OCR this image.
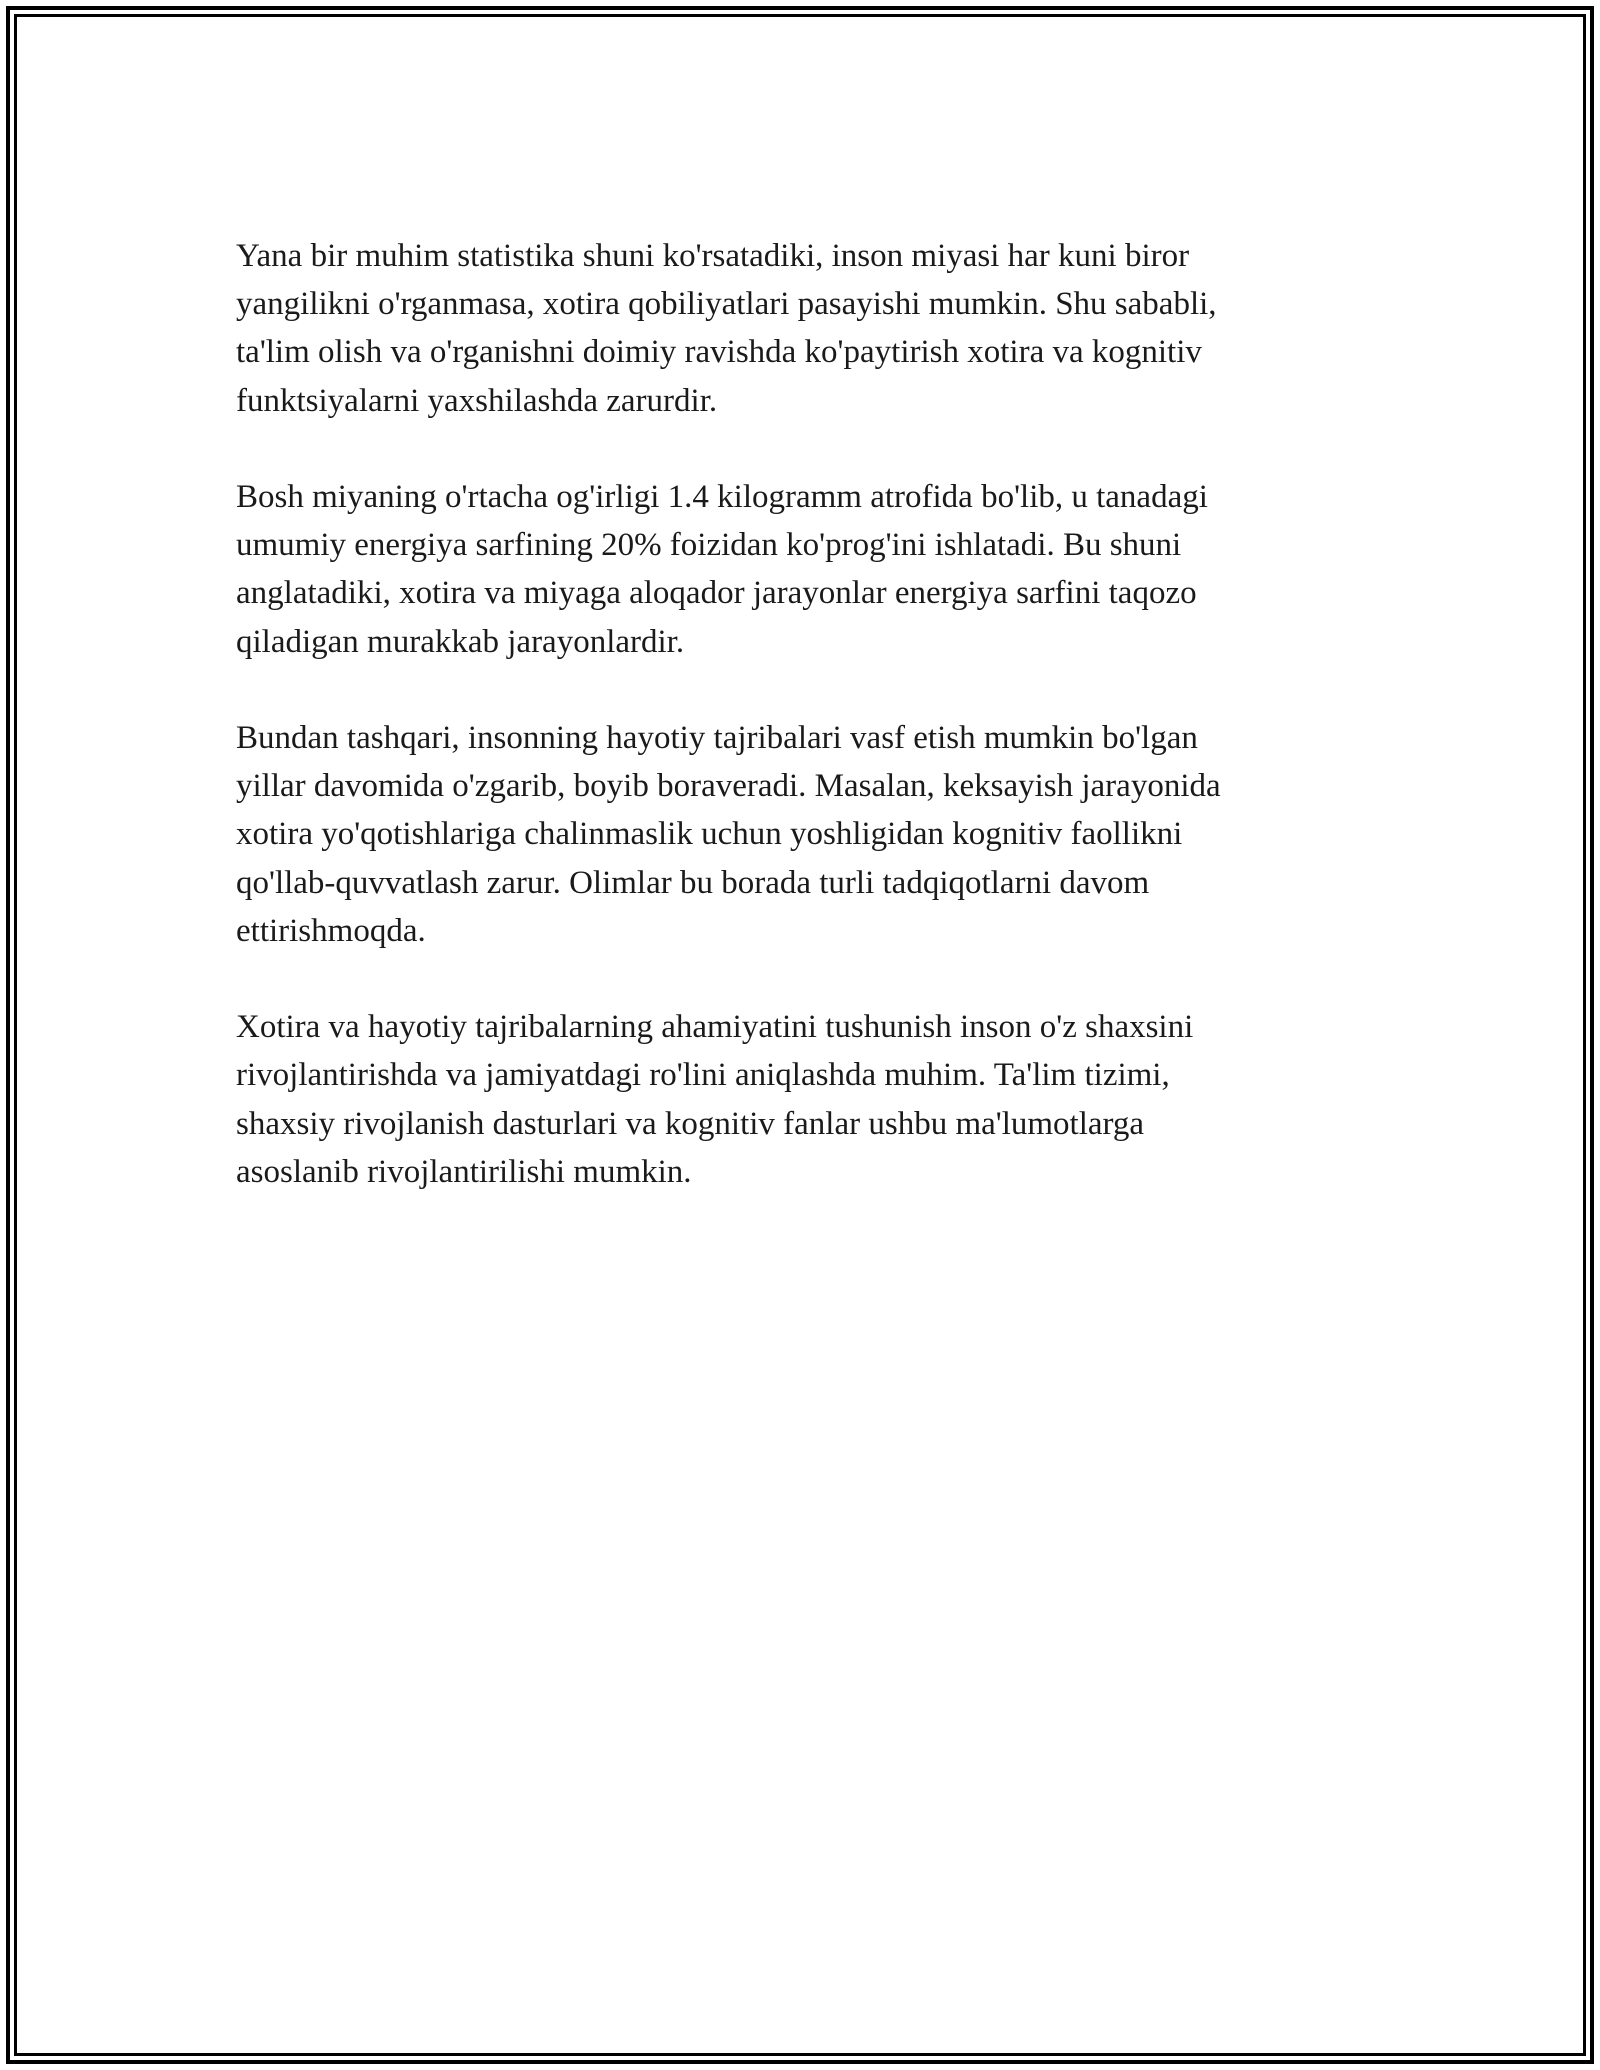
Yana bir muhim statistika shuni ko'rsatadiki, inson miyasi har kuni biror
yangilikni o'rganmasa, xotira qobiliyatlari pasayishi mumkin. Shu sababli,
ta'lim olish va o'rganishni doimiy ravishda ko'paytirish xotira va kognitiv
funktsiyalarni yaxshilashda zarurdir.

Bosh miyaning o'rtacha og'irligi 1.4 kilogramm atrofida bo'lib, u tanadagi
umumiy energiya sarfining 20% foizidan ko'prog'ini ishlatadi. Bu shuni
anglatadiki, xotira va miyaga aloqador jarayonlar energiya sarfini taqozo
qiladigan murakkab jarayonlardir.

Bundan tashqari, insonning hayotiy tajribalari vasf etish mumkin bo'lgan
yillar davomida o'zgarib, boyib boraveradi. Masalan, keksayish jarayonida
xotira yo'qotishlariga chalinmaslik uchun yoshligidan kognitiv faollikni
qo'llab-quvvatlash zarur. Olimlar bu borada turli tadqiqotlarni davom
ettirishmoqda.

Xotira va hayotiy tajribalarning ahamiyatini tushunish inson o'z shaxsini
rivojlantirishda va jamiyatdagi ro'lini aniqlashda muhim. Ta'lim tizimi,
shaxsiy rivojlanish dasturlari va kognitiv fanlar ushbu ma'lumotlarga
asoslanib rivojlantirilishi mumkin.
